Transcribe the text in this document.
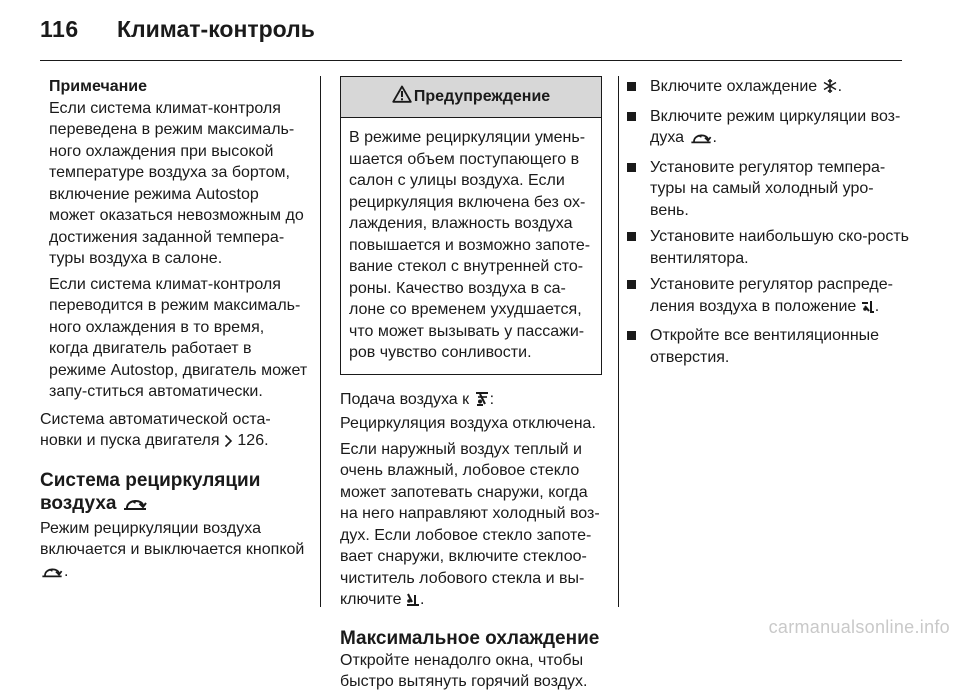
116 Климат-контроль
Примечание

Если система климат-контроля переведена в режим максималь-ного охлаждения при высокой температуре воздуха за бортом, включение режима Autostop может оказаться невозможным до достижения заданной темпера-туры воздуха в салоне.

Если система климат-контроля переводится в режим максималь-ного охлаждения в то время, когда двигатель работает в режиме Autostop, двигатель может запу-ститься автоматически.

Система автоматической оста-новки и пуска двигателя 126.

Система рециркуляции воздуха

Режим рециркуляции воздуха включается и выключается кнопкой
.

Предупреждение
В режиме рециркуляции умень-шается объем поступающего в салон с улицы воздуха. Если рециркуляция включена без ох-лаждения, влажность воздуха повышается и возможно запоте-вание стекол с внутренней сто-роны. Качество воздуха в са-лоне со временем ухудшается, что может вызывать у пассажи-ров чувство сонливости.

Подача воздуха к : Рециркуляция воздуха отключена.

Если наружный воздух теплый и очень влажный, лобовое стекло может запотевать снаружи, когда на него направляют холодный воз-дух. Если лобовое стекло запоте-вает снаружи, включите стеклоо-чиститель лобового стекла и вы-ключите .

Максимальное охлаждение

Откройте ненадолго окна, чтобы быстро вытянуть горячий воздух.

Включите охлаждение .
Включите режим циркуляции воз-духа .
Установите регулятор темпера-туры на самый холодный уро-вень.
Установите наибольшую ско-рость вентилятора.
Установите регулятор распреде-ления воздуха в положение .
Откройте все вентиляционные отверстия.
carmanualsonline.info
